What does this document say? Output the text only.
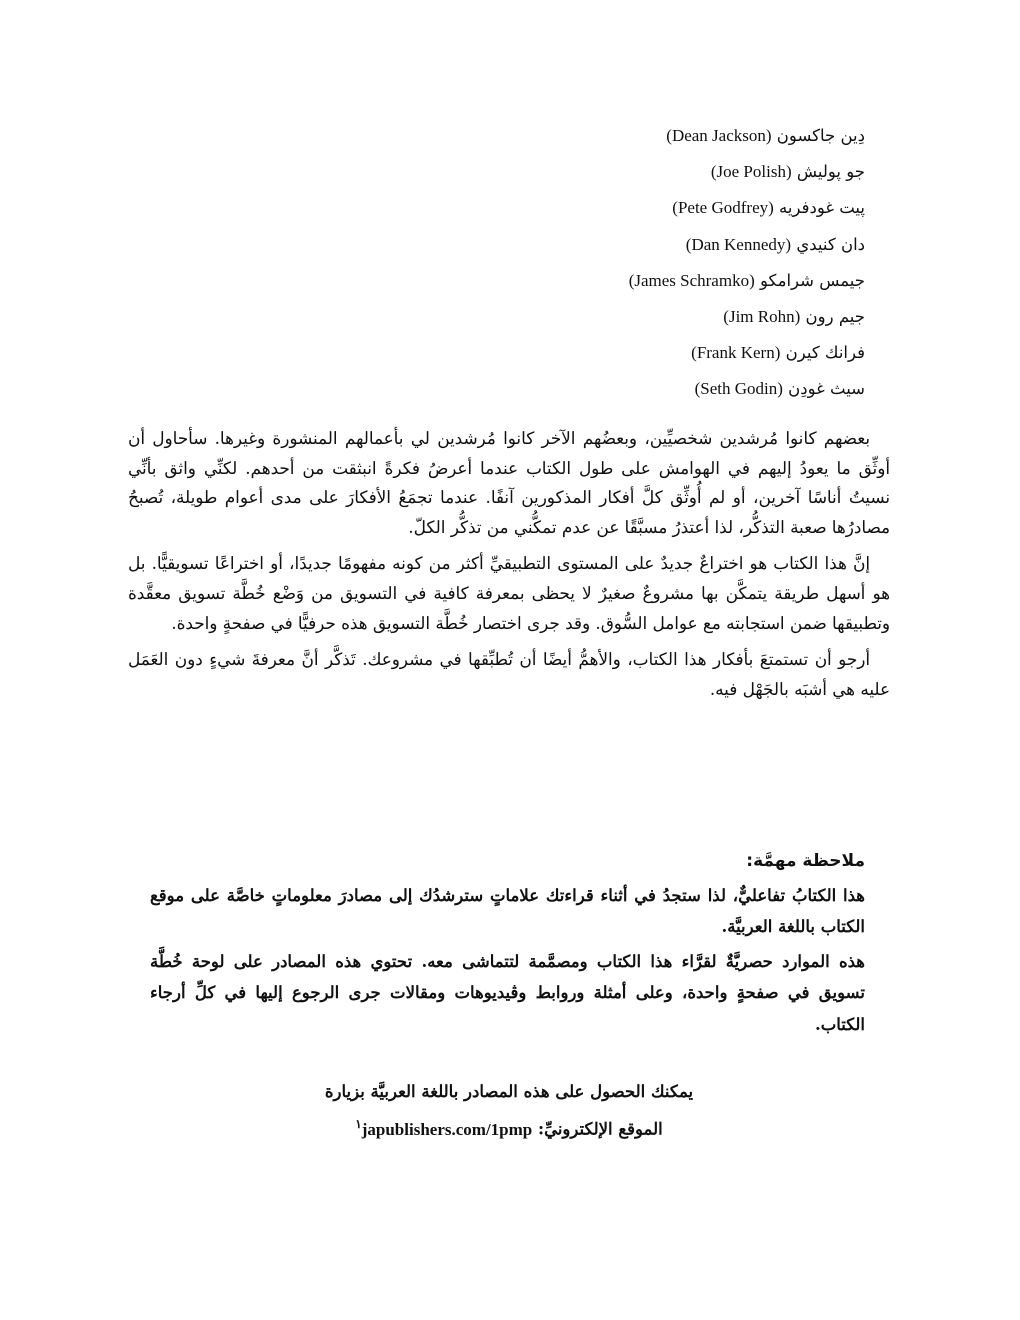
دِين جاكسون (Dean Jackson)
جو پوليش (Joe Polish)
پيت غودفريه (Pete Godfrey)
دان كنيدي (Dan Kennedy)
جيمس شرامكو (James Schramko)
جيم رون (Jim Rohn)
فرانك كيرن (Frank Kern)
سيث غودِن (Seth Godin)

بعضهم كانوا مُرشدين شخصيِّين، وبعضُهم الآخر كانوا مُرشدين لي بأعمالهم المنشورة وغيرها. سأحاول أن أوثِّق ما يعودُ إليهم في الهوامش على طول الكتاب عندما أعرضُ فكرةً انبثقت من أحدهم. لكنِّي واثق بأنِّي نسيتُ أناسًا آخرين، أو لم أُوثِّق كلَّ أفكار المذكورين آنفًا. عندما تجمَعُ الأفكارَ على مدى أعوام طويلة، تُصبحُ مصادرُها صعبة التذكُّر، لذا أعتذرُ مسبَّقًا عن عدم تمكُّني من تذكُّر الكلّ.

إنَّ هذا الكتاب هو اختراعٌ جديدٌ على المستوى التطبيقيِّ أكثر من كونه مفهومًا جديدًا، أو اختراعًا تسويقيًّا. بل هو أسهل طريقة يتمكَّن بها مشروعٌ صغيرٌ لا يحظى بمعرفة كافية في التسويق من وَضْع خُطَّة تسويق معقَّدة وتطبيقها ضمن استجابته مع عوامل السُّوق. وقد جرى اختصار خُطَّة التسويق هذه حرفيًّا في صفحةٍ واحدة.

أرجو أن تستمتعَ بأفكار هذا الكتاب، والأهمُّ أيضًا أن تُطبِّقها في مشروعك. تَذكَّر أنَّ معرفةَ شيءٍ دون العَمَل عليه هي أشبَه بالجَهْل فيه.

ملاحظة مهمَّة:

هذا الكتابُ تفاعليٌّ، لذا ستجدُ في أثناء قراءتك علاماتٍ سترشدُك إلى مصادرَ معلوماتٍ خاصَّة على موقع الكتاب باللغة العربيَّة.

هذه الموارد حصريَّةٌ لقرَّاء هذا الكتاب ومصمَّمة لتتماشى معه. تحتوي هذه المصادر على لوحة خُطَّة تسويق في صفحةٍ واحدة، وعلى أمثلة وروابط وڤيديوهات ومقالات جرى الرجوع إليها في كلِّ أرجاء الكتاب.

يمكنك الحصول على هذه المصادر باللغة العربيَّة بزيارة
الموقع الإلكترونيِّ: japublishers.com/1pmp$^١$
